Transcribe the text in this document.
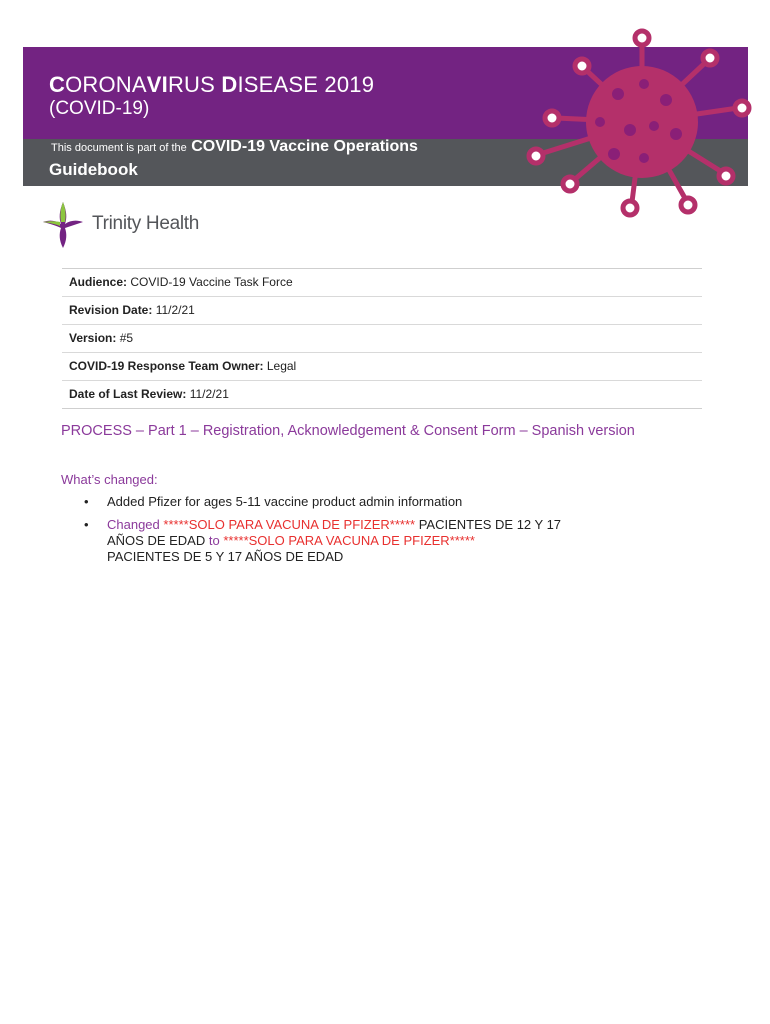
CORONAVIRUS DISEASE 2019
(COVID-19)
This document is part of the COVID-19 Vaccine Operations
Guidebook
Trinity Health
Audience: COVID-19 Vaccine Task Force
Revision Date: 11/2/21
Version: #5
COVID-19 Response Team Owner: Legal
Date of Last Review: 11/2/21
PROCESS – Part 1 – Registration, Acknowledgement & Consent Form – Spanish version
What’s changed:
• Added Pfizer for ages 5-11 vaccine product admin information
• Changed *****SOLO PARA VACUNA DE PFIZER***** PACIENTES DE 12 Y 17 AÑOS DE EDAD to *****SOLO PARA VACUNA DE PFIZER*****
PACIENTES DE 5 Y 17 AÑOS DE EDAD
